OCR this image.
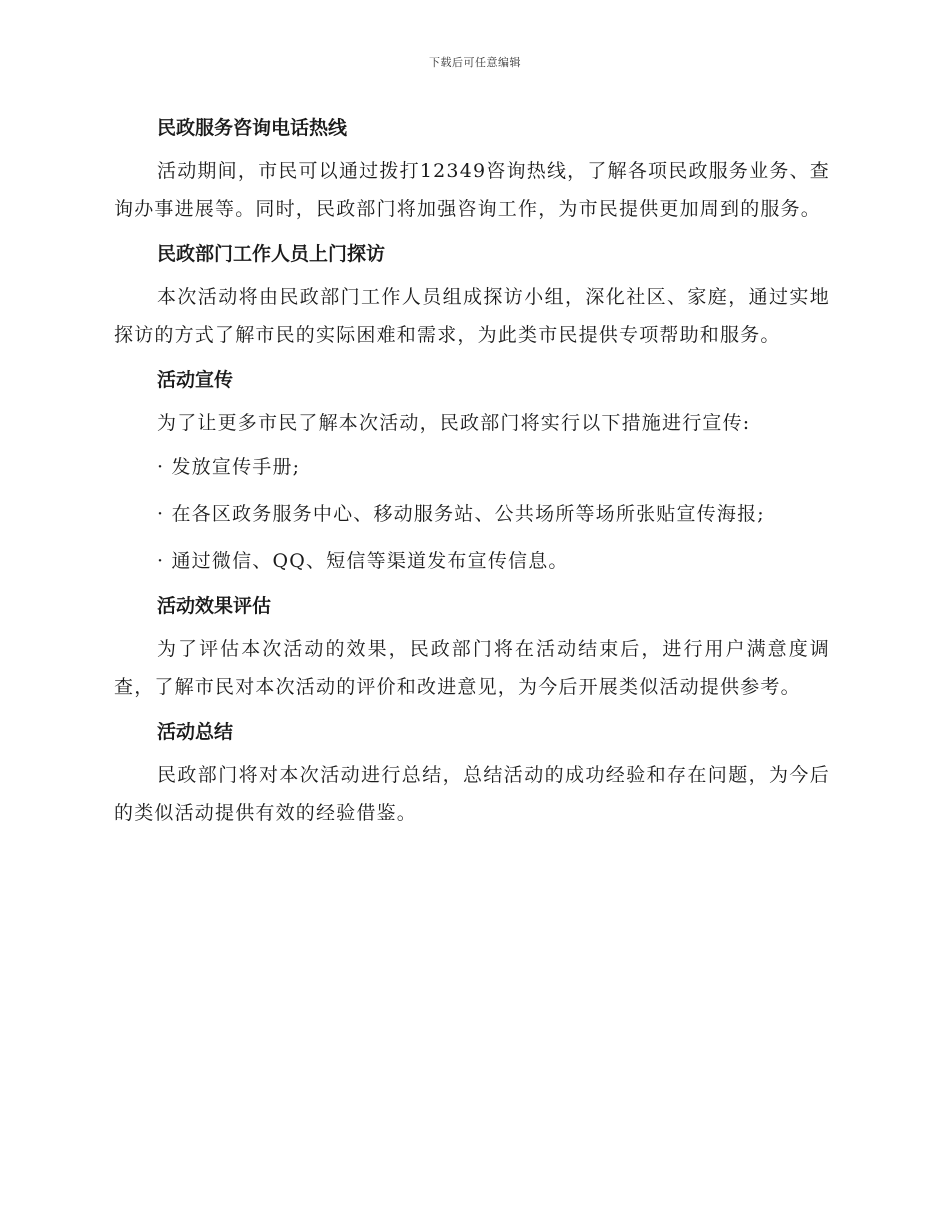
下载后可任意编辑
民政服务咨询电话热线

活动期间，市民可以通过拨打12349咨询热线，了解各项民政服务业务、查询办事进展等。同时，民政部门将加强咨询工作，为市民提供更加周到的服务。

民政部门工作人员上门探访

本次活动将由民政部门工作人员组成探访小组，深化社区、家庭，通过实地探访的方式了解市民的实际困难和需求，为此类市民提供专项帮助和服务。

活动宣传

为了让更多市民了解本次活动，民政部门将实行以下措施进行宣传:

· 发放宣传手册;
· 在各区政务服务中心、移动服务站、公共场所等场所张贴宣传海报;
· 通过微信、QQ、短信等渠道发布宣传信息。
活动效果评估

为了评估本次活动的效果，民政部门将在活动结束后，进行用户满意度调查，了解市民对本次活动的评价和改进意见，为今后开展类似活动提供参考。

活动总结

民政部门将对本次活动进行总结，总结活动的成功经验和存在问题，为今后的类似活动提供有效的经验借鉴。
